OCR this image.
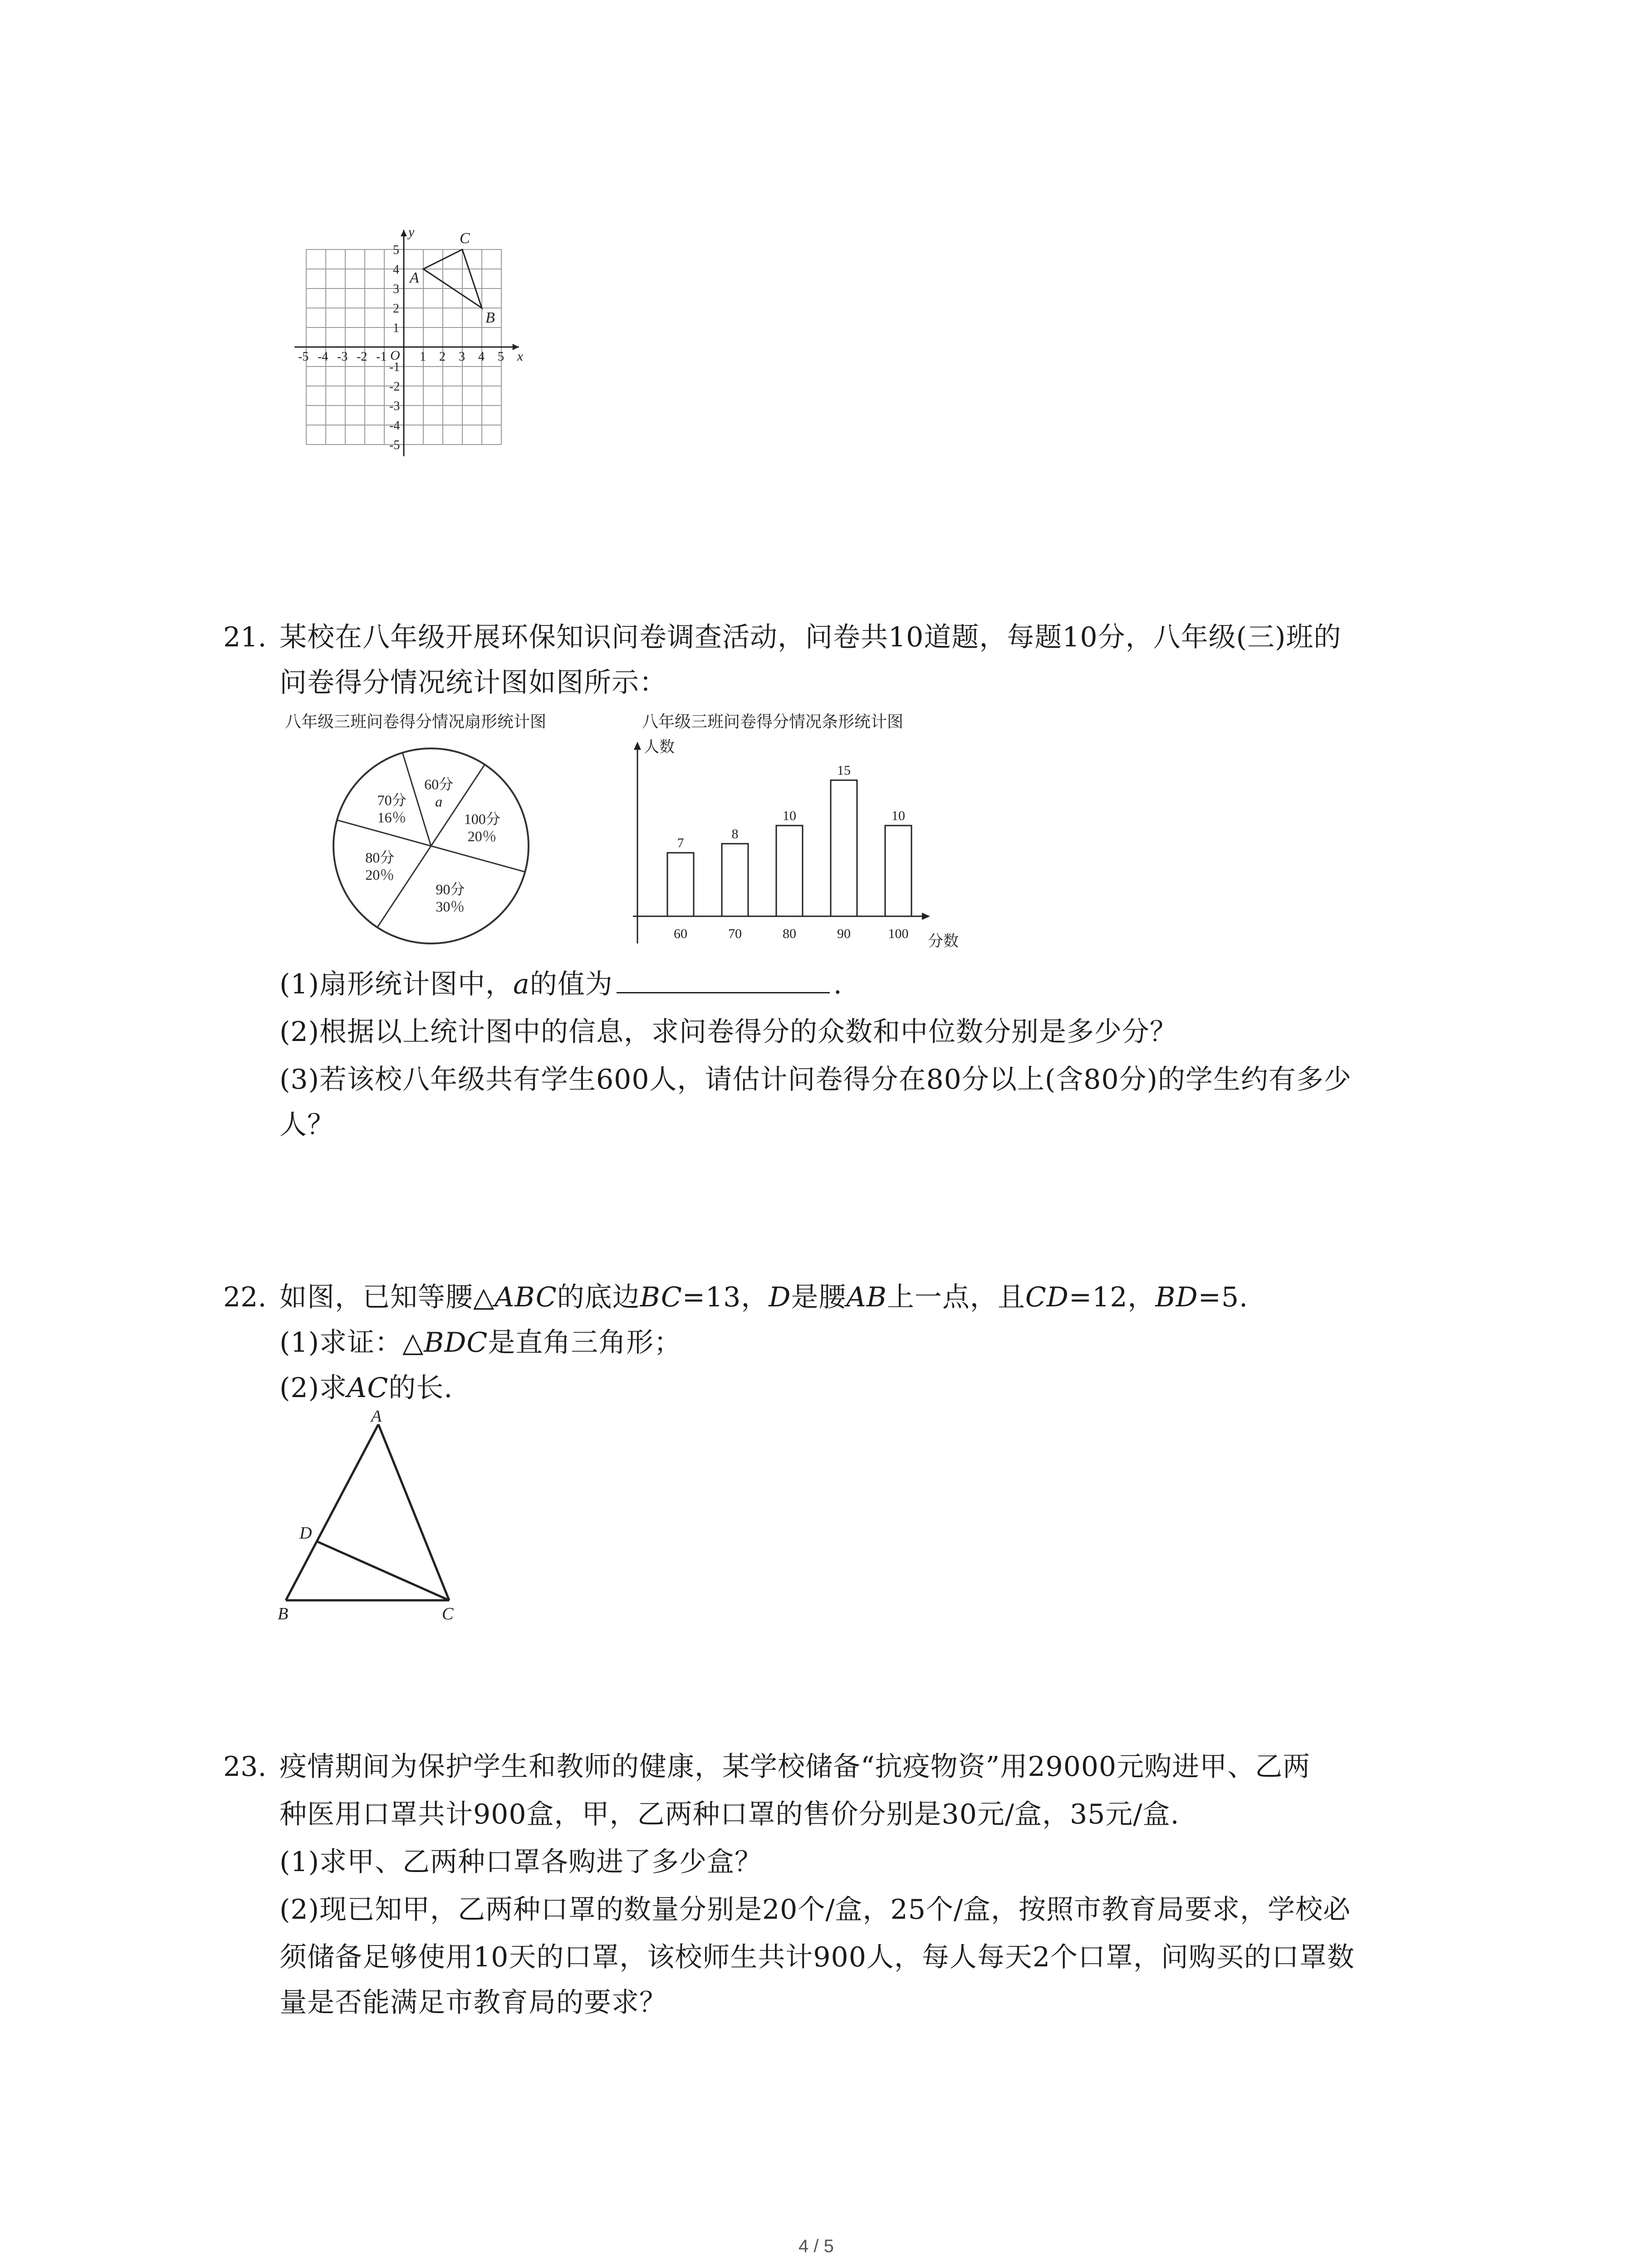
x
y
O
-5 -4 -3 -2 -1	1 2 3 4 5
5
4
3
2
1
-1
-2
-3
-4
-5
A
C
B
21. 某校在八年级开展环保知识问卷调查活动，问卷共10道题，每题10分，八年级(三)班的
问卷得分情况统计图如图所示：
八年级三班问卷得分情况扇形统计图	八年级三班问卷得分情况条形统计图
60分
a
100分
20％
90分
30％
80分
20％
70分
16％
人数
分数
7
60
8
70
10
80
15
90
10
100
(1)扇形统计图中，a的值为	.
(2)根据以上统计图中的信息，求问卷得分的众数和中位数分别是多少分？
(3)若该校八年级共有学生600人，请估计问卷得分在80分以上(含80分)的学生约有多少
人？
22. 如图，已知等腰△ABC的底边BC=13，D是腰AB上一点，且CD=12，BD=5.
(1)求证：△BDC是直角三角形；
(2)求AC的长.
A
D
B	C
23. 疫情期间为保护学生和教师的健康，某学校储备“抗疫物资”用29000元购进甲、乙两
种医用口罩共计900盒，甲，乙两种口罩的售价分别是30元/盒，35元/盒.
(1)求甲、乙两种口罩各购进了多少盒？
(2)现已知甲，乙两种口罩的数量分别是20个/盒，25个/盒，按照市教育局要求，学校必
须储备足够使用10天的口罩，该校师生共计900人，每人每天2个口罩，问购买的口罩数
量是否能满足市教育局的要求？
4 / 5
